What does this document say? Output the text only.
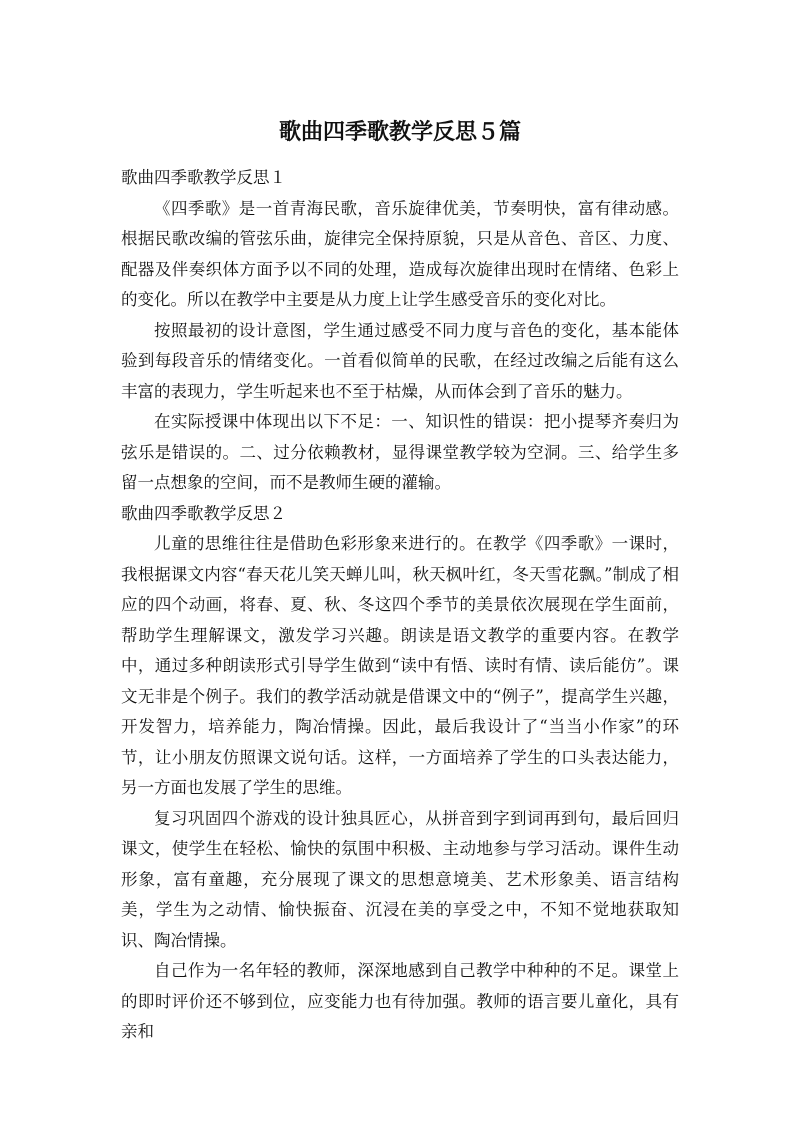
歌曲四季歌教学反思５篇

歌曲四季歌教学反思１

《四季歌》是一首青海民歌，音乐旋律优美，节奏明快，富有律动感。根据民歌改编的管弦乐曲，旋律完全保持原貌，只是从音色、音区、力度、配器及伴奏织体方面予以不同的处理，造成每次旋律出现时在情绪、色彩上的变化。所以在教学中主要是从力度上让学生感受音乐的变化对比。

按照最初的设计意图，学生通过感受不同力度与音色的变化，基本能体验到每段音乐的情绪变化。一首看似简单的民歌，在经过改编之后能有这么丰富的表现力，学生听起来也不至于枯燥，从而体会到了音乐的魅力。

在实际授课中体现出以下不足：一、知识性的错误：把小提琴齐奏归为弦乐是错误的。二、过分依赖教材，显得课堂教学较为空洞。三、给学生多留一点想象的空间，而不是教师生硬的灌输。

歌曲四季歌教学反思２

儿童的思维往往是借助色彩形象来进行的。在教学《四季歌》一课时，我根据课文内容“春天花儿笑天蝉儿叫，秋天枫叶红，冬天雪花飘。”制成了相应的四个动画，将春、夏、秋、冬这四个季节的美景依次展现在学生面前，帮助学生理解课文，激发学习兴趣。朗读是语文教学的重要内容。在教学中，通过多种朗读形式引导学生做到“读中有悟、读时有情、读后能仿”。课文无非是个例子。我们的教学活动就是借课文中的“例子”，提高学生兴趣，开发智力，培养能力，陶冶情操。因此，最后我设计了“当当小作家”的环节，让小朋友仿照课文说句话。这样，一方面培养了学生的口头表达能力，另一方面也发展了学生的思维。

复习巩固四个游戏的设计独具匠心，从拼音到字到词再到句，最后回归课文，使学生在轻松、愉快的氛围中积极、主动地参与学习活动。课件生动形象，富有童趣，充分展现了课文的思想意境美、艺术形象美、语言结构美，学生为之动情、愉快振奋、沉浸在美的享受之中，不知不觉地获取知识、陶冶情操。

自己作为一名年轻的教师，深深地感到自己教学中种种的不足。课堂上的即时评价还不够到位，应变能力也有待加强。教师的语言要儿童化，具有亲和
